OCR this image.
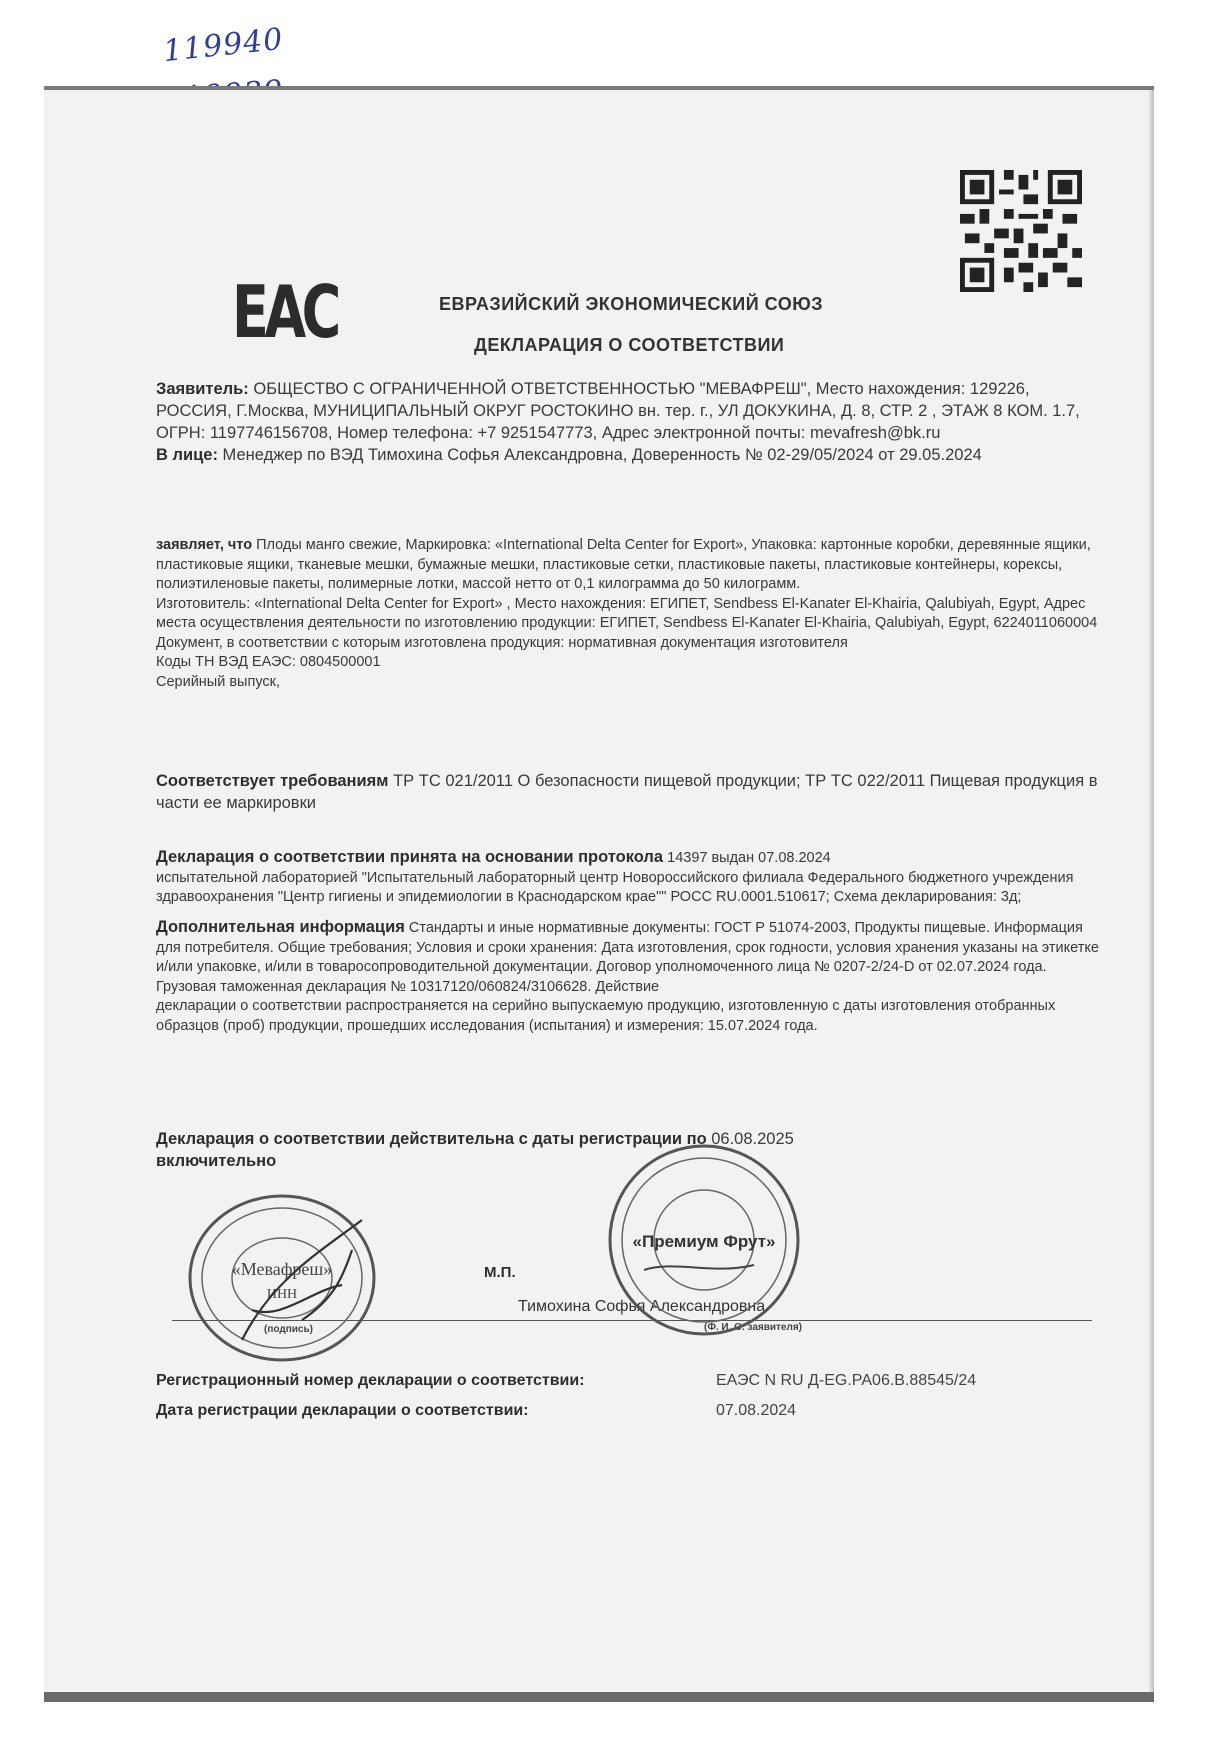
119940
EAC	ЕВРАЗИЙСКИЙ ЭКОНОМИЧЕСКИЙ СОЮЗ
ДЕКЛАРАЦИЯ О СООТВЕТСТВИИ
Заявитель: ОБЩЕСТВО С ОГРАНИЧЕННОЙ ОТВЕТСТВЕННОСТЬЮ "МЕВАФРЕШ", Место нахождения: 129226, РОССИЯ, Г.Москва, МУНИЦИПАЛЬНЫЙ ОКРУГ РОСТОКИНО вн. тер. г., УЛ ДОКУКИНА, Д. 8, СТР. 2 , ЭТАЖ 8 КОМ. 1.7, ОГРН: 1197746156708, Номер телефона: +7 9251547773, Адрес электронной почты: mevafresh@bk.ru
В лице: Менеджер по ВЭД Тимохина Софья Александровна, Доверенность № 02-29/05/2024 от 29.05.2024
заявляет, что Плоды манго свежие, Маркировка: «International Delta Center for Export», Упаковка: картонные коробки, деревянные ящики, пластиковые ящики, тканевые мешки, бумажные мешки, пластиковые сетки, пластиковые пакеты, пластиковые контейнеры, корексы, полиэтиленовые пакеты, полимерные лотки, массой нетто от 0,1 килограмма до 50 килограмм.
Изготовитель: «International Delta Center for Export» , Место нахождения: ЕГИПЕТ, Sendbess El-Kanater El-Khairia, Qalubiyah, Egypt, Адрес места осуществления деятельности по изготовлению продукции: ЕГИПЕТ, Sendbess El-Kanater El-Khairia, Qalubiyah, Egypt, 6224011060004
Документ, в соответствии с которым изготовлена продукция: нормативная документация изготовителя
Коды ТН ВЭД ЕАЭС: 0804500001
Серийный выпуск,
Соответствует требованиям ТР ТС 021/2011 О безопасности пищевой продукции; ТР ТС 022/2011 Пищевая продукция в части ее маркировки
Декларация о соответствии принята на основании протокола 14397 выдан 07.08.2024
испытательной лабораторией "Испытательный лабораторный центр Новороссийского филиала Федерального бюджетного учреждения здравоохранения "Центр гигиены и эпидемиологии в Краснодарском крае"" РОСС RU.0001.510617; Схема декларирования: 3д;
Дополнительная информация Стандарты и иные нормативные документы: ГОСТ Р 51074-2003, Продукты пищевые. Информация для потребителя. Общие требования; Условия и сроки хранения: Дата изготовления, срок годности, условия хранения указаны на этикетке и/или упаковке, и/или в товаросопроводительной документации. Договор уполномоченного лица № 0207-2/24-D от 02.07.2024 года. Грузовая таможенная декларация № 10317120/060824/3106628. Действие
декларации о соответствии распространяется на серийно выпускаемую продукцию, изготовленную с даты изготовления отобранных образцов (проб) продукции, прошедших исследования (испытания) и измерения: 15.07.2024 года.
Декларация о соответствии действительна с даты регистрации по 06.08.2025
включительно
М.П.
Тимохина Софья Александровна
(подпись)	(Ф. И. О. заявителя)
«Мевафреш»
ИНН
«Премиум Фрут»
Регистрационный номер декларации о соответствии:	ЕАЭС N RU Д-EG.РА06.В.88545/24
Дата регистрации декларации о соответствии:	07.08.2024
